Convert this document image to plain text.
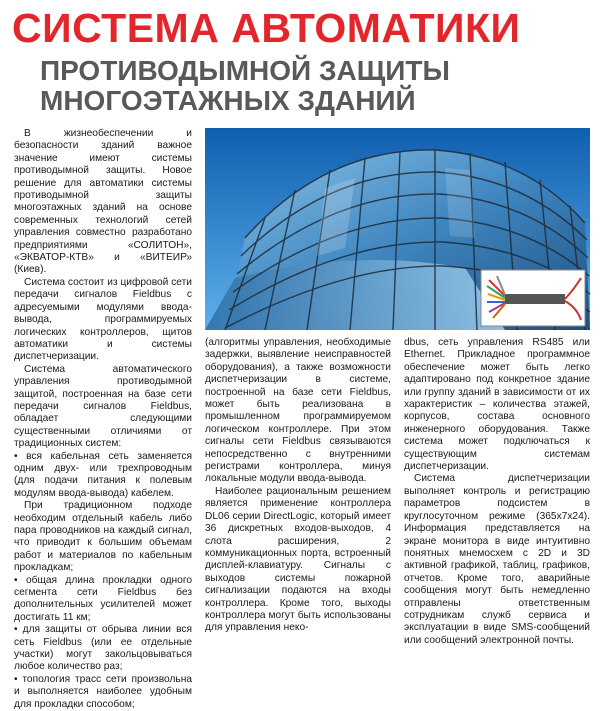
СИСТЕМА АВТОМАТИКИ
ПРОТИВОДЫМНОЙ ЗАЩИТЫ
МНОГОЭТАЖНЫХ ЗДАНИЙ

В жизнеобеспечении и безопасности зданий важное значение имеют системы противодымной защиты. Новое решение для автоматики системы противодымной защиты многоэтажных зданий на основе современных технологий сетей управления совместно разработано предприятиями «СОЛИТОН», «ЭКВАТОР-КТВ» и «ВИТЕИР» (Киев).

Система состоит из цифровой сети передачи сигналов Fieldbus с адресуемыми модулями ввода-вывода, программируемых логических контроллеров, щитов автоматики и системы диспетчеризации.

Система автоматического управления противодымной защитой, построенная на базе сети передачи сигналов Fieldbus, обладает следующими существенными отличиями от традиционных систем:

• вся кабельная сеть заменяется одним двух- или трехпроводным (для подачи питания к полевым модулям ввода-вывода) кабелем.

При традиционном подходе необходим отдельный кабель либо пара проводников на каждый сигнал, что приводит к большим объемам работ и материалов по кабельным прокладкам;

• общая длина прокладки одного сегмента сети Fieldbus без дополнительных усилителей может достигать 11 км;

• для защиты от обрыва линии вся сеть Fieldbus (или ее отдельные участки) могут закольцовываться любое количество раз;

• топология трасс сети произвольна и выполняется наиболее удобным для прокладки способом;

(алгоритмы управления, необходимые задержки, выявление неисправностей оборудования), а также возможности диспетчеризации в системе, построенной на базе сети Fieldbus, может быть реализована в промышленном программируемом логическом контроллере. При этом сигналы сети Fieldbus связываются непосредственно с внутренними регистрами контроллера, минуя локальные модули ввода-вывода.

Наиболее рациональным решением является применение контроллера DL06 серии DirectLogic, который имеет 36 дискретных входов-выходов, 4 слота расширения, 2 коммуникационных порта, встроенный дисплей-клавиатуру. Сигналы с выходов системы пожарной сигнализации подаются на входы контроллера. Кроме того, выходы контроллера могут быть использованы для управления неко-

dbus, сеть управления RS485 или Ethernet. Прикладное программное обеспечение может быть легко адаптировано под конкретное здание или группу зданий в зависимости от их характеристик – количества этажей, корпусов, состава основного инженерного оборудования. Также система может подключаться к существующим системам диспетчеризации.

Система диспетчеризации выполняет контроль и регистрацию параметров подсистем в круглосуточном режиме (365х7х24). Информация представляется на экране монитора в виде интуитивно понятных мнемосхем с 2D и 3D активной графикой, таблиц, графиков, отчетов. Кроме того, аварийные сообщения могут быть немедленно отправлены ответственным сотрудникам служб сервиса и эксплуатации в виде SMS-сообщений или сообщений электронной почты.
